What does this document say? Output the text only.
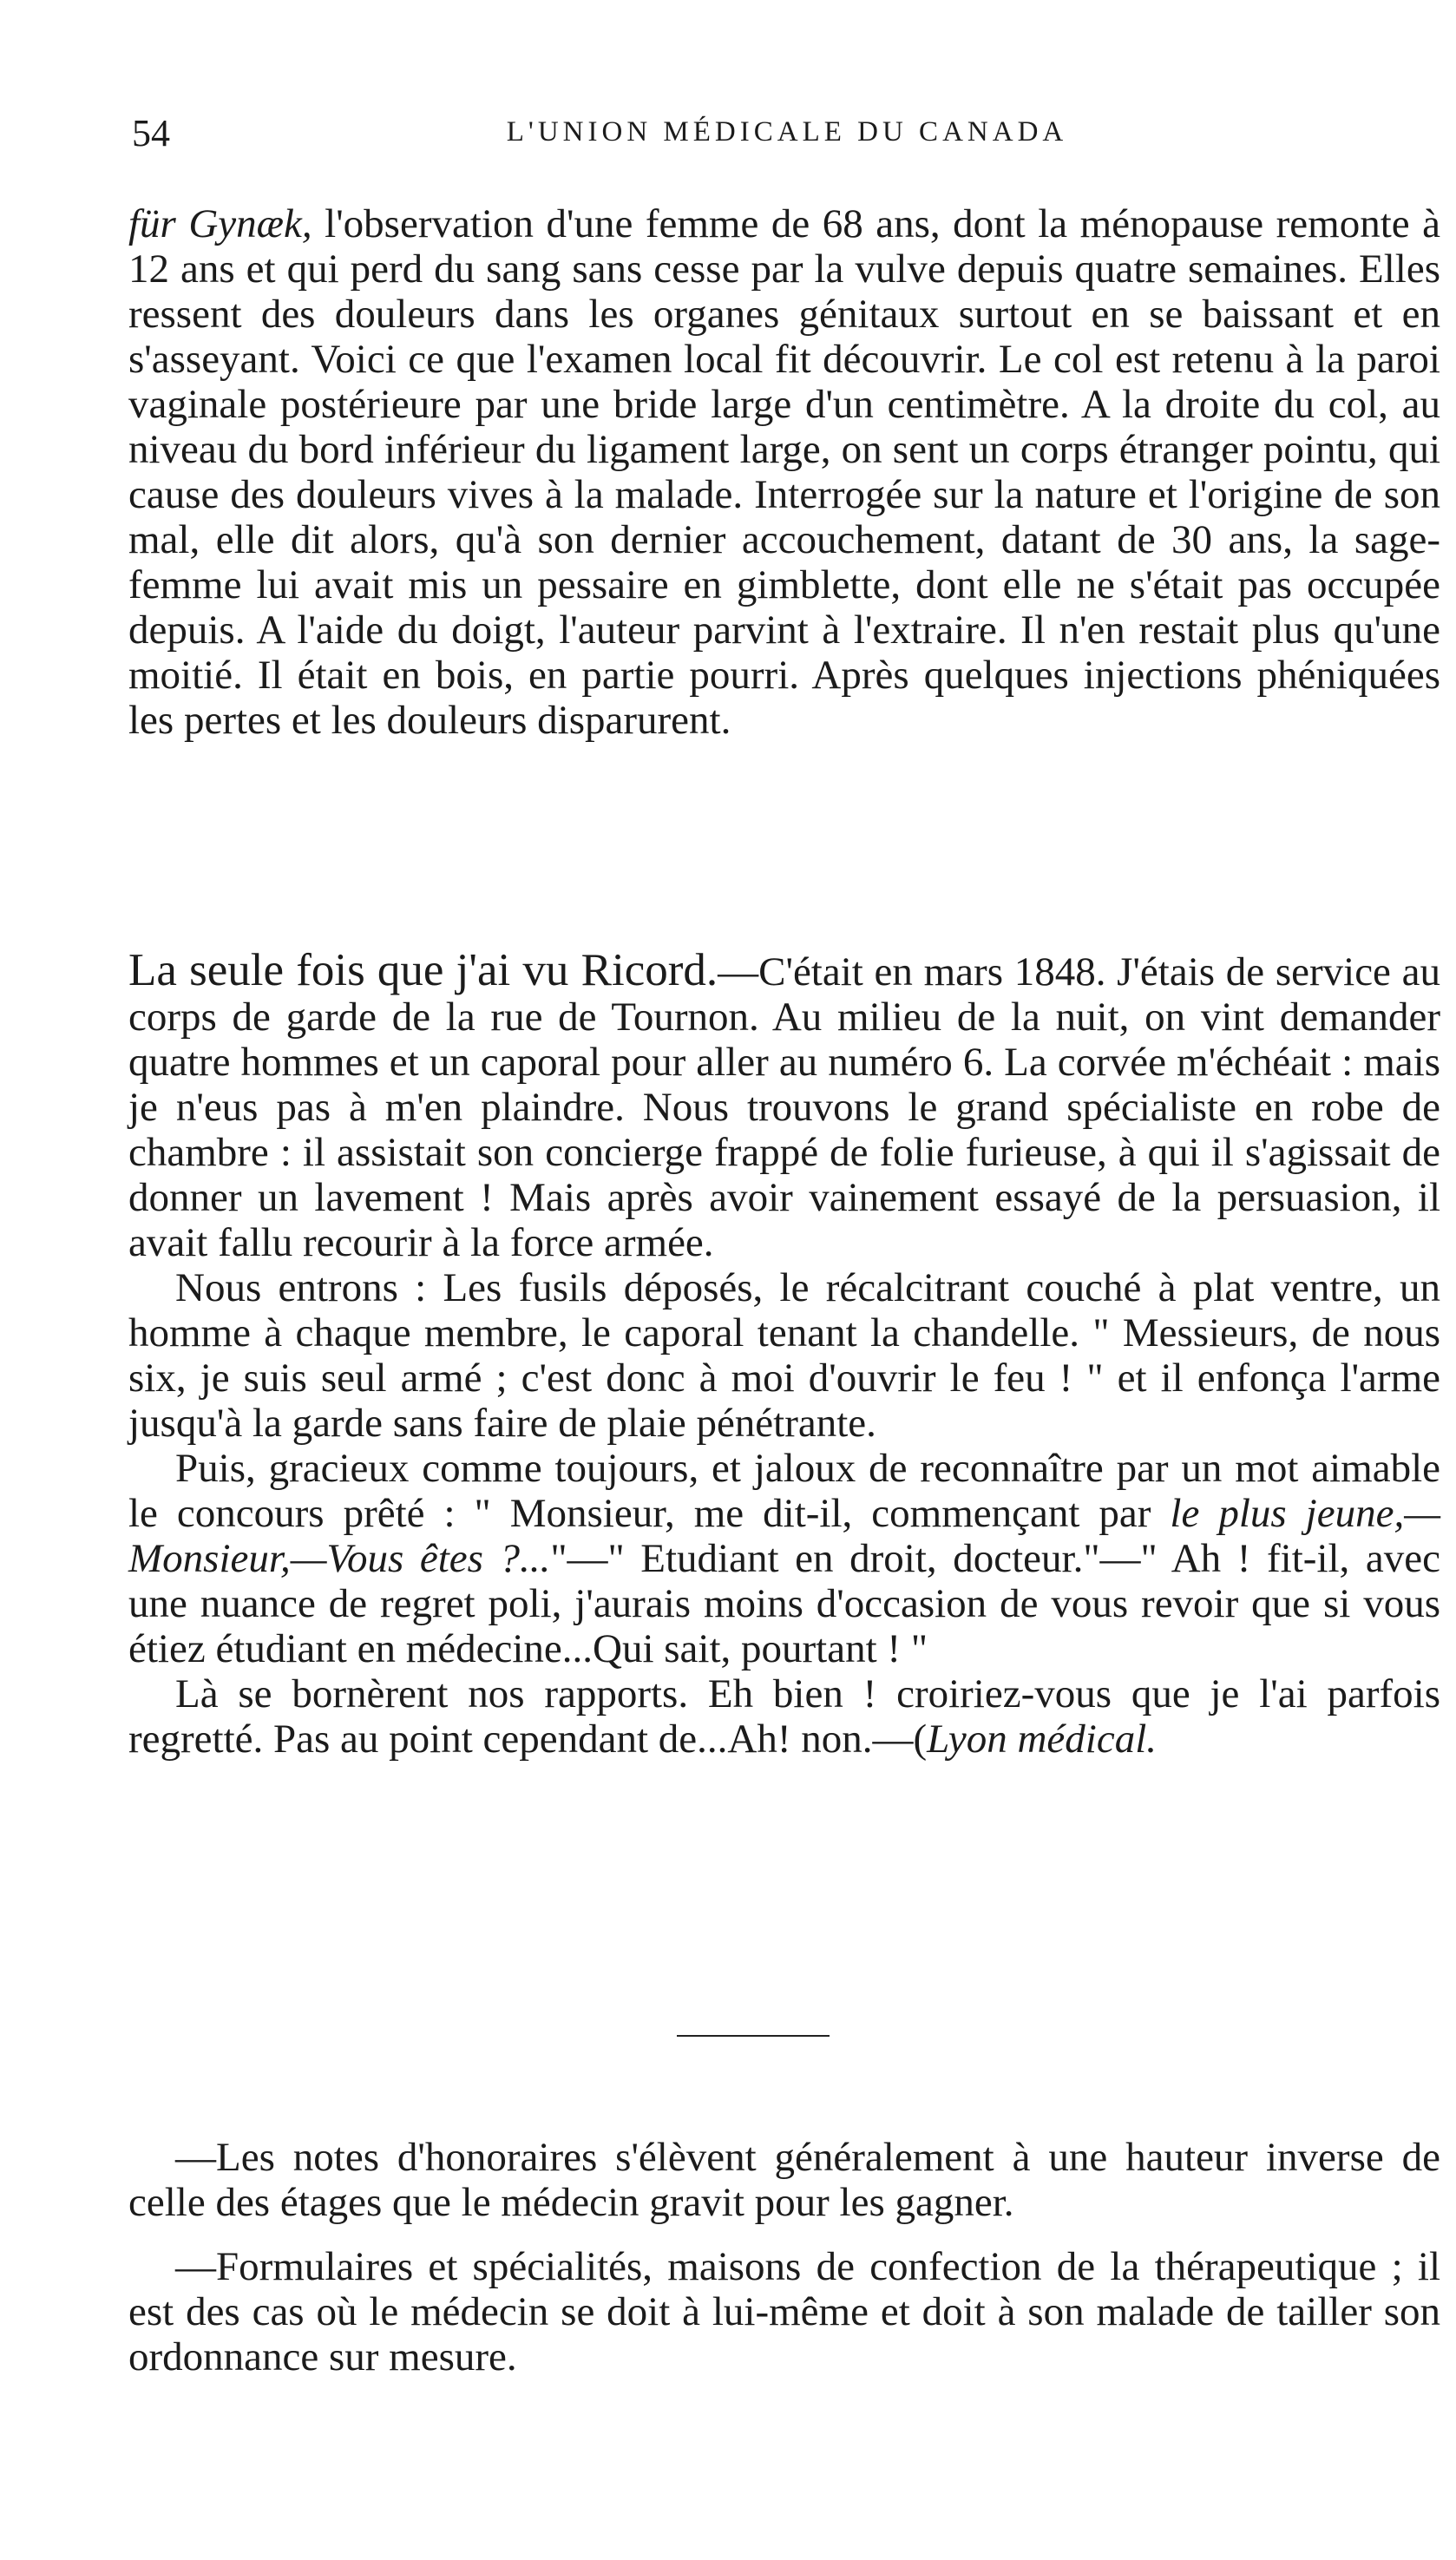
54	L'UNION MÉDICALE DU CANADA

für Gynæk, l'observation d'une femme de 68 ans, dont la ménopause remonte à 12 ans et qui perd du sang sans cesse par la vulve depuis quatre semaines. Elles ressent des douleurs dans les organes génitaux surtout en se baissant et en s'asseyant. Voici ce que l'examen local fit découvrir. Le col est retenu à la paroi vaginale postérieure par une bride large d'un centimètre. A la droite du col, au niveau du bord inférieur du ligament large, on sent un corps étranger pointu, qui cause des douleurs vives à la malade. Interrogée sur la nature et l'origine de son mal, elle dit alors, qu'à son dernier accouchement, datant de 30 ans, la sage-femme lui avait mis un pessaire en gimblette, dont elle ne s'était pas occupée depuis. A l'aide du doigt, l'auteur parvint à l'extraire. Il n'en restait plus qu'une moitié. Il était en bois, en partie pourri. Après quelques injections phéniquées les pertes et les douleurs disparurent.

La seule fois que j'ai vu Ricord.—C'était en mars 1848. J'étais de service au corps de garde de la rue de Tournon. Au milieu de la nuit, on vint demander quatre hommes et un caporal pour aller au numéro 6. La corvée m'échéait : mais je n'eus pas à m'en plaindre. Nous trouvons le grand spécialiste en robe de chambre : il assistait son concierge frappé de folie furieuse, à qui il s'agissait de donner un lavement ! Mais après avoir vainement essayé de la persuasion, il avait fallu recourir à la force armée.

Nous entrons : Les fusils déposés, le récalcitrant couché à plat ventre, un homme à chaque membre, le caporal tenant la chandelle. " Messieurs, de nous six, je suis seul armé ; c'est donc à moi d'ouvrir le feu ! " et il enfonça l'arme jusqu'à la garde sans faire de plaie pénétrante.

Puis, gracieux comme toujours, et jaloux de reconnaître par un mot aimable le concours prêté : " Monsieur, me dit-il, commençant par le plus jeune,—Monsieur,—Vous êtes ?..."—" Etudiant en droit, docteur."—" Ah ! fit-il, avec une nuance de regret poli, j'aurais moins d'occasion de vous revoir que si vous étiez étudiant en médecine...Qui sait, pourtant ! "

Là se bornèrent nos rapports. Eh bien ! croiriez-vous que je l'ai parfois regretté. Pas au point cependant de...Ah! non.—(Lyon médical.

—Les notes d'honoraires s'élèvent généralement à une hauteur inverse de celle des étages que le médecin gravit pour les gagner.

—Formulaires et spécialités, maisons de confection de la thérapeutique ; il est des cas où le médecin se doit à lui-même et doit à son malade de tailler son ordonnance sur mesure.
